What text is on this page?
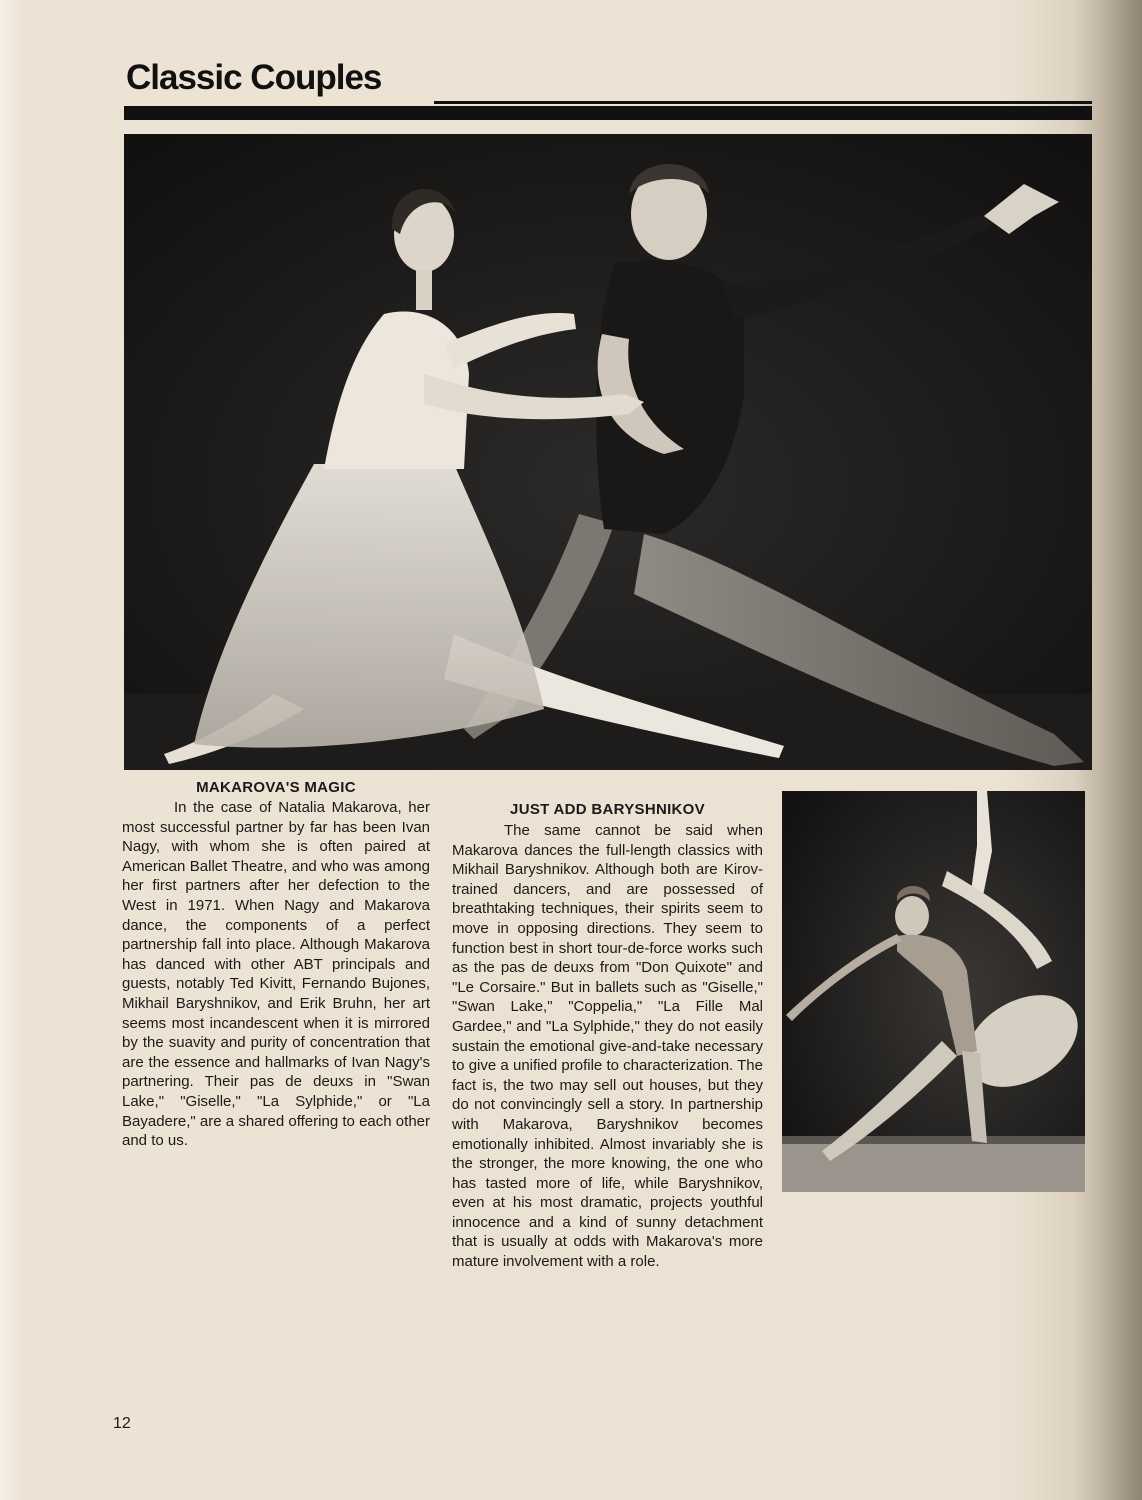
Classic Couples
MAKAROVA'S MAGIC

In the case of Natalia Makarova, her most successful partner by far has been Ivan Nagy, with whom she is often paired at American Ballet Theatre, and who was among her first partners after her defection to the West in 1971. When Nagy and Makarova dance, the components of a perfect partnership fall into place. Although Makarova has danced with other ABT principals and guests, notably Ted Kivitt, Fernando Bujones, Mikhail Baryshnikov, and Erik Bruhn, her art seems most incandescent when it is mirrored by the suavity and purity of concentration that are the essence and hallmarks of Ivan Nagy's partnering. Their pas de deuxs in "Swan Lake," "Giselle," "La Sylphide," or "La Bayadere," are a shared offering to each other and to us.

JUST ADD BARYSHNIKOV

The same cannot be said when Makarova dances the full-length classics with Mikhail Baryshnikov. Although both are Kirov-trained dancers, and are possessed of breathtaking techniques, their spirits seem to move in opposing directions. They seem to function best in short tour-de-force works such as the pas de deuxs from "Don Quixote" and "Le Corsaire." But in ballets such as "Giselle," "Swan Lake," "Coppelia," "La Fille Mal Gardee," and "La Sylphide," they do not easily sustain the emotional give-and-take necessary to give a unified profile to characterization. The fact is, the two may sell out houses, but they do not convincingly sell a story. In partnership with Makarova, Baryshnikov becomes emotionally inhibited. Almost invariably she is the stronger, the more knowing, the one who has tasted more of life, while Baryshnikov, even at his most dramatic, projects youthful innocence and a kind of sunny detachment that is usually at odds with Makarova's more mature involvement with a role.

12
